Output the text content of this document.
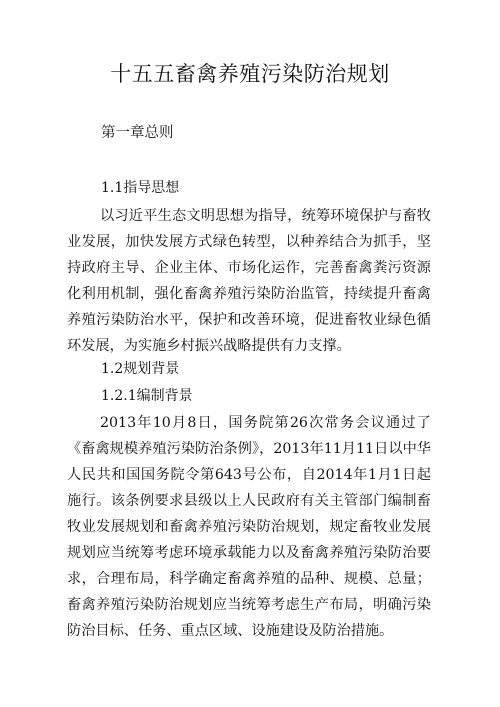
十五五畜禽养殖污染防治规划
第一章总则
1.1指导思想
以习近平生态文明思想为指导，统筹环境保护与畜牧业发展，加快发展方式绿色转型，以种养结合为抓手，坚持政府主导、企业主体、市场化运作，完善畜禽粪污资源化利用机制，强化畜禽养殖污染防治监管，持续提升畜禽养殖污染防治水平，保护和改善环境，促进畜牧业绿色循环发展，为实施乡村振兴战略提供有力支撑。
1.2规划背景
1.2.1编制背景
2013年10月8日，国务院第26次常务会议通过了《畜禽规模养殖污染防治条例》，2013年11月11日以中华人民共和国国务院令第643号公布，自2014年1月1日起施行。该条例要求县级以上人民政府有关主管部门编制畜牧业发展规划和畜禽养殖污染防治规划，规定畜牧业发展规划应当统筹考虑环境承载能力以及畜禽养殖污染防治要求，合理布局，科学确定畜禽养殖的品种、规模、总量；畜禽养殖污染防治规划应当统筹考虑生产布局，明确污染防治目标、任务、重点区域、设施建设及防治措施。
